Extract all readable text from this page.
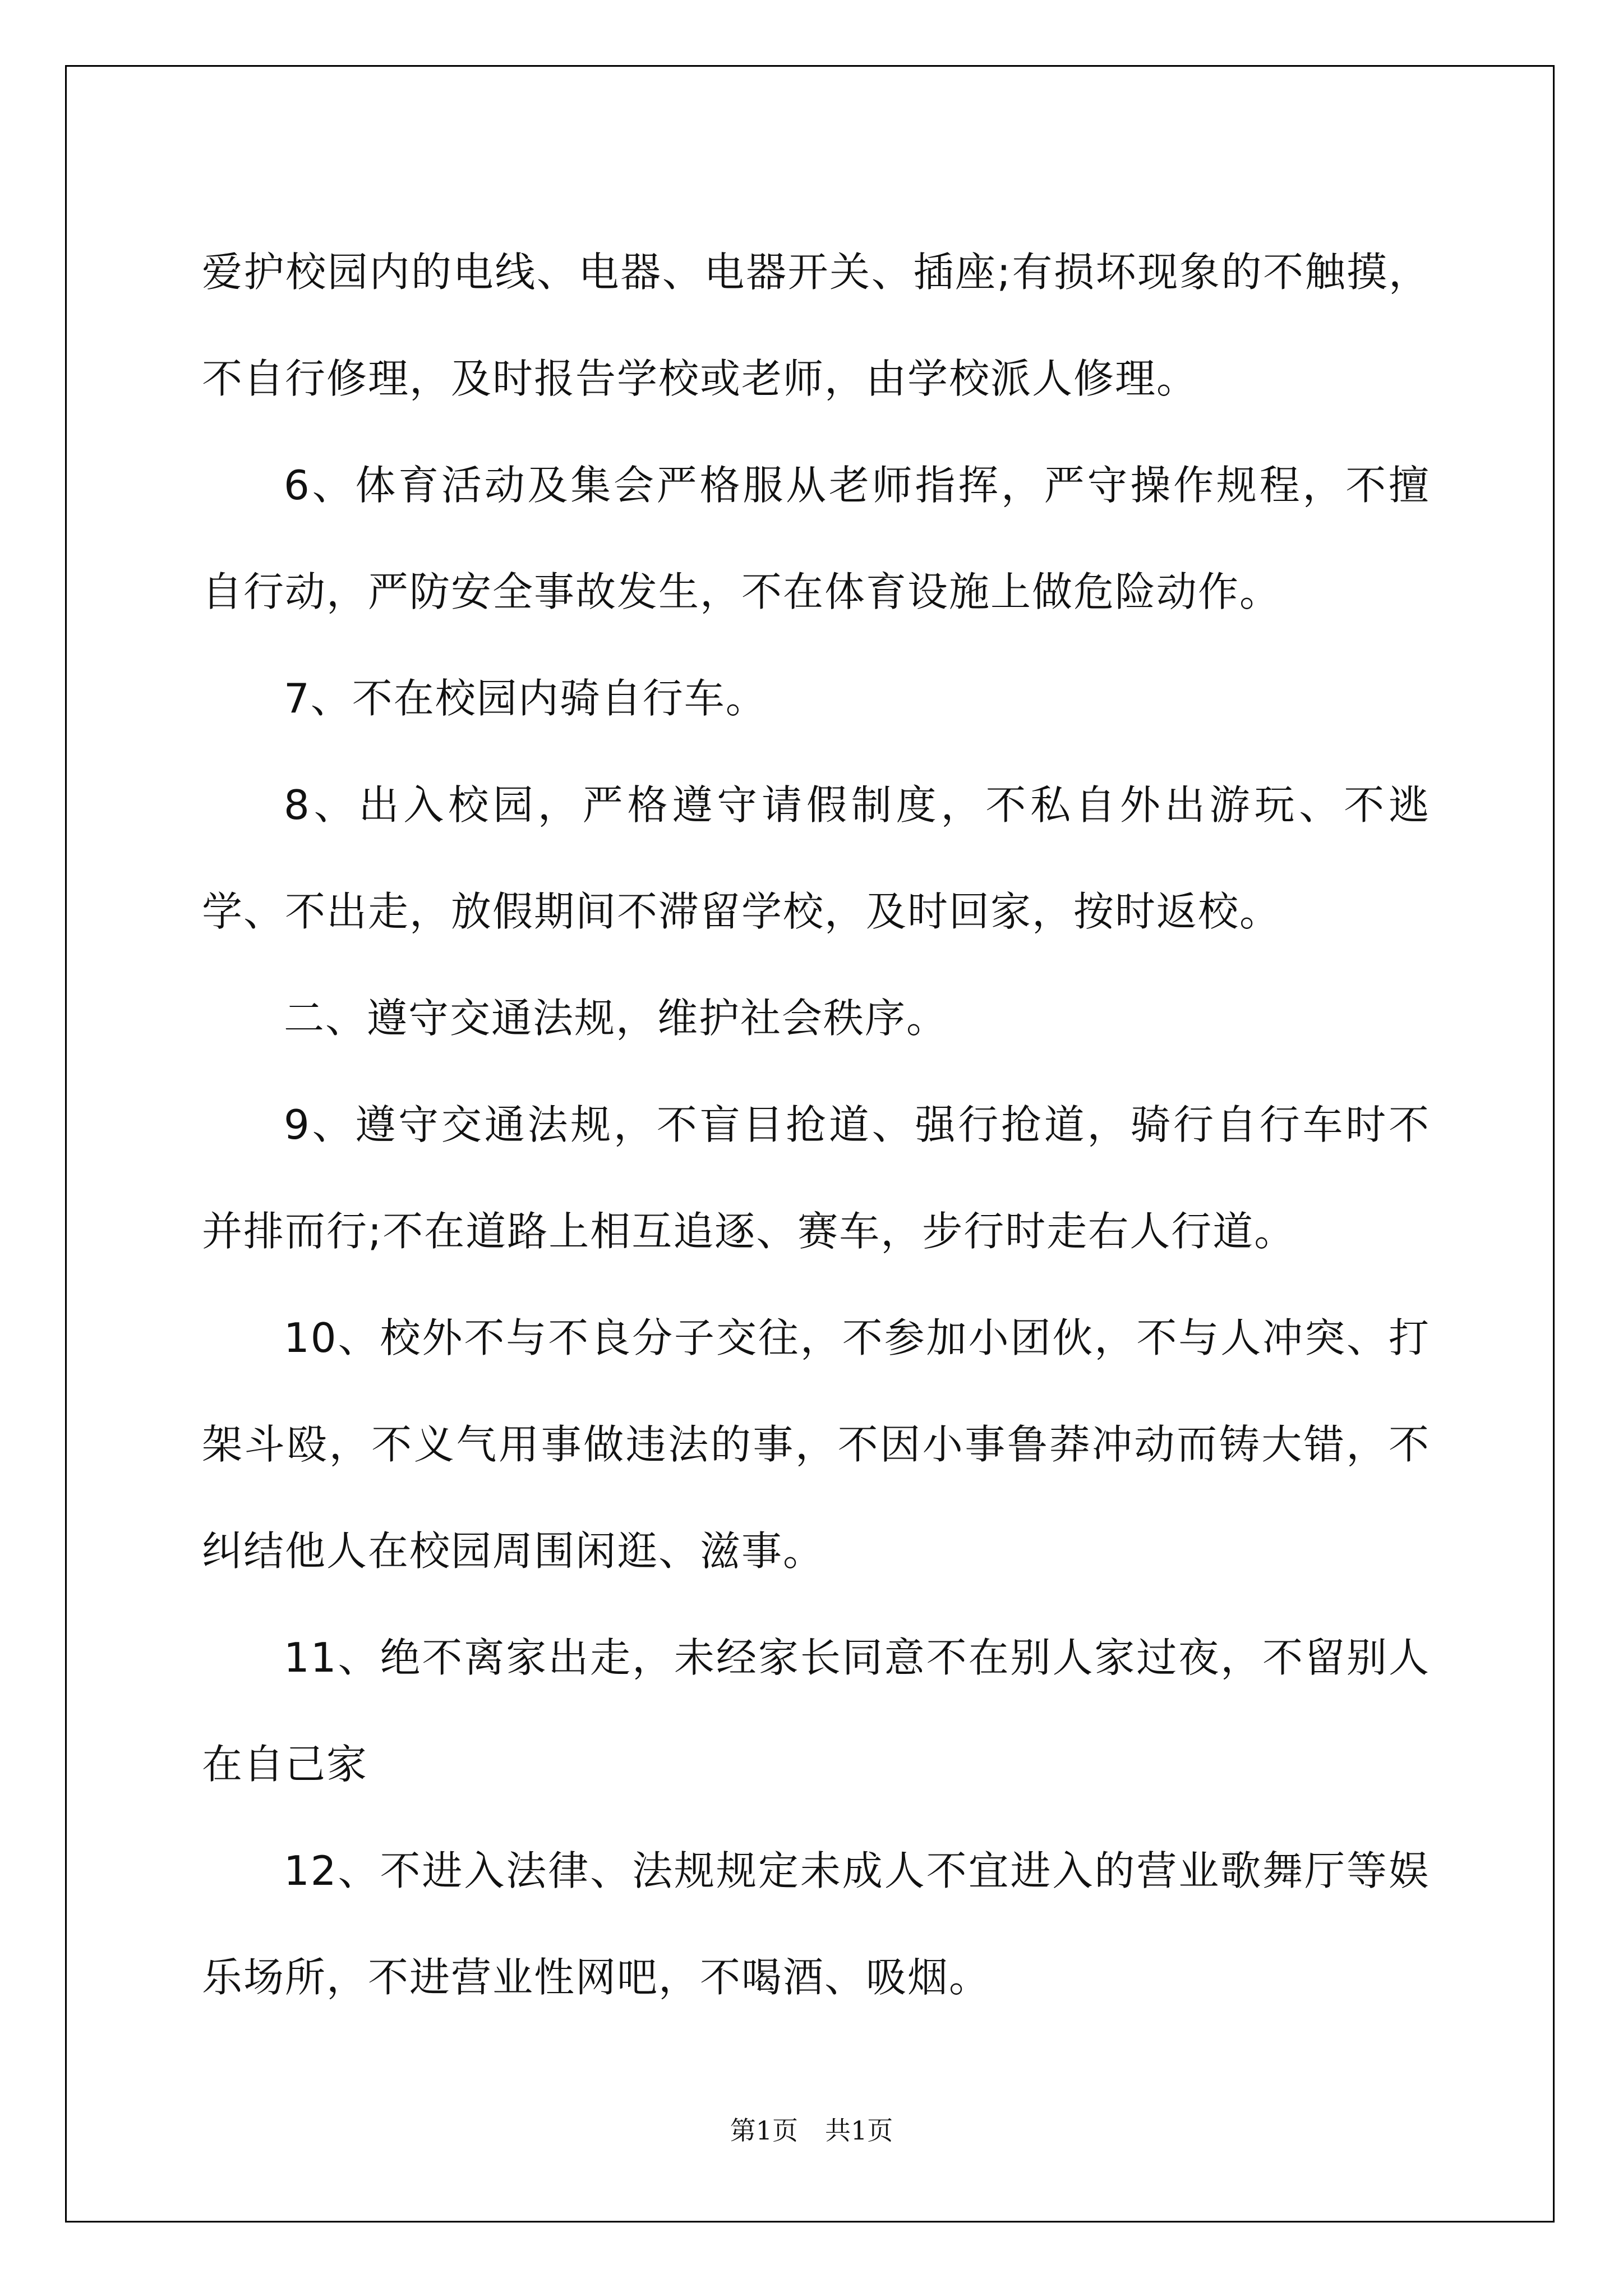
爱护校园内的电线、电器、电器开关、插座;有损坏现象的不触摸，不自行修理，及时报告学校或老师，由学校派人修理。

6、体育活动及集会严格服从老师指挥，严守操作规程，不擅自行动，严防安全事故发生，不在体育设施上做危险动作。

7、不在校园内骑自行车。

8、出入校园，严格遵守请假制度，不私自外出游玩、不逃学、不出走，放假期间不滞留学校，及时回家，按时返校。

二、遵守交通法规，维护社会秩序。

9、遵守交通法规，不盲目抢道、强行抢道，骑行自行车时不并排而行;不在道路上相互追逐、赛车，步行时走右人行道。

10、校外不与不良分子交往，不参加小团伙，不与人冲突、打架斗殴，不义气用事做违法的事，不因小事鲁莽冲动而铸大错，不纠结他人在校园周围闲逛、滋事。

11、绝不离家出走，未经家长同意不在别人家过夜，不留别人在自己家

12、不进入法律、法规规定未成人不宜进入的营业歌舞厅等娱乐场所，不进营业性网吧，不喝酒、吸烟。

第1页 共1页
